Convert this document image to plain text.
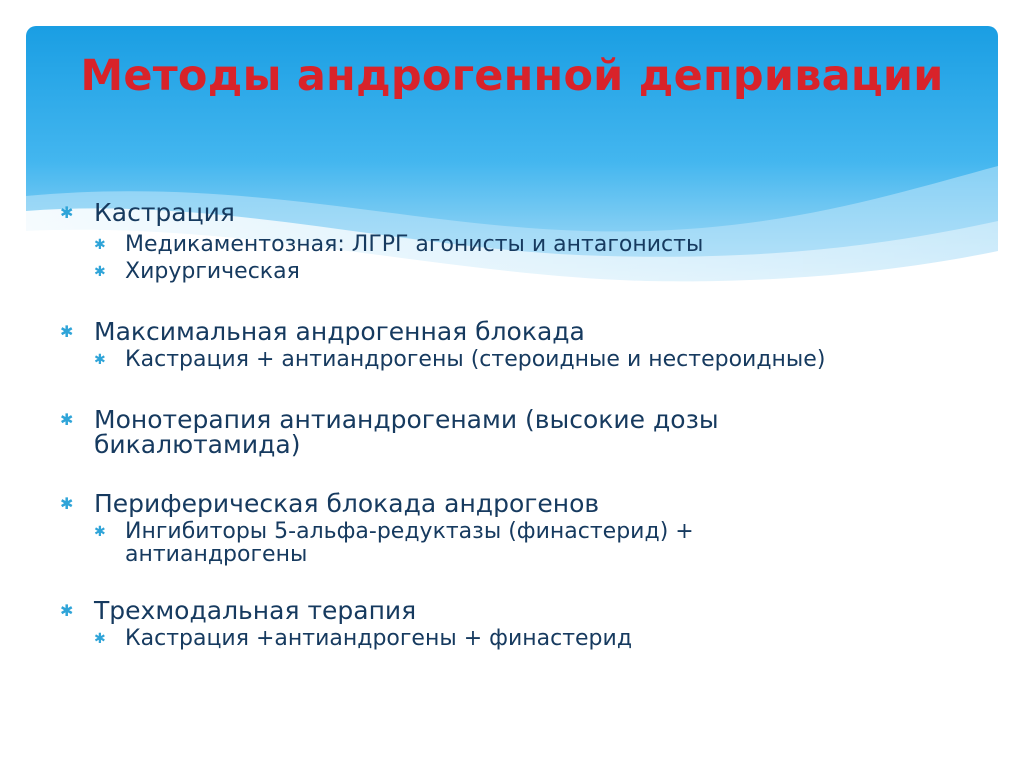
Методы андрогенной депривации
✱ Кастрация
✱ Медикаментозная: ЛГРГ агонисты и антагонисты
✱ Хирургическая
✱ Максимальная андрогенная блокада
✱ Кастрация + антиандрогены (стероидные и нестероидные)
✱ Монотерапия антиандрогенами (высокие дозы бикалютамида)
✱ Периферическая блокада андрогенов
✱ Ингибиторы 5-альфа-редуктазы (финастерид) + антиандрогены
✱ Трехмодальная терапия
✱ Кастрация +антиандрогены + финастерид
